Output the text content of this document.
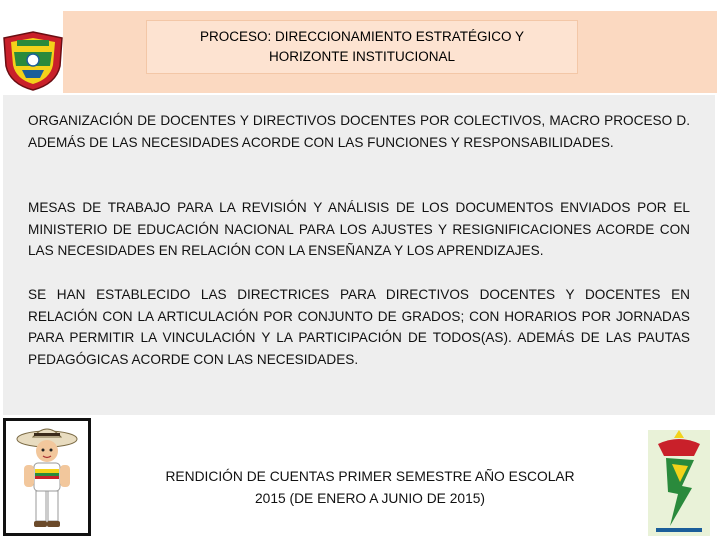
PROCESO: DIRECCIONAMIENTO ESTRATÉGICO Y
HORIZONTE INSTITUCIONAL

ORGANIZACIÓN DE DOCENTES Y DIRECTIVOS DOCENTES POR COLECTIVOS, MACRO PROCESO D. ADEMÁS DE LAS NECESIDADES ACORDE CON LAS FUNCIONES Y RESPONSABILIDADES.

MESAS DE TRABAJO PARA LA REVISIÓN Y ANÁLISIS DE LOS DOCUMENTOS ENVIADOS POR EL MINISTERIO DE EDUCACIÓN NACIONAL PARA LOS AJUSTES Y RESIGNIFICACIONES ACORDE CON LAS NECESIDADES EN RELACIÓN CON LA ENSEÑANZA Y LOS APRENDIZAJES.

SE HAN ESTABLECIDO LAS DIRECTRICES PARA DIRECTIVOS DOCENTES Y DOCENTES EN RELACIÓN CON LA ARTICULACIÓN POR CONJUNTO DE GRADOS; CON HORARIOS POR JORNADAS PARA PERMITIR LA VINCULACIÓN Y LA PARTICIPACIÓN DE TODOS(AS). ADEMÁS DE LAS PAUTAS PEDAGÓGICAS ACORDE CON LAS NECESIDADES.

RENDICIÓN DE CUENTAS PRIMER SEMESTRE AÑO ESCOLAR
2015 (DE ENERO A JUNIO DE 2015)
